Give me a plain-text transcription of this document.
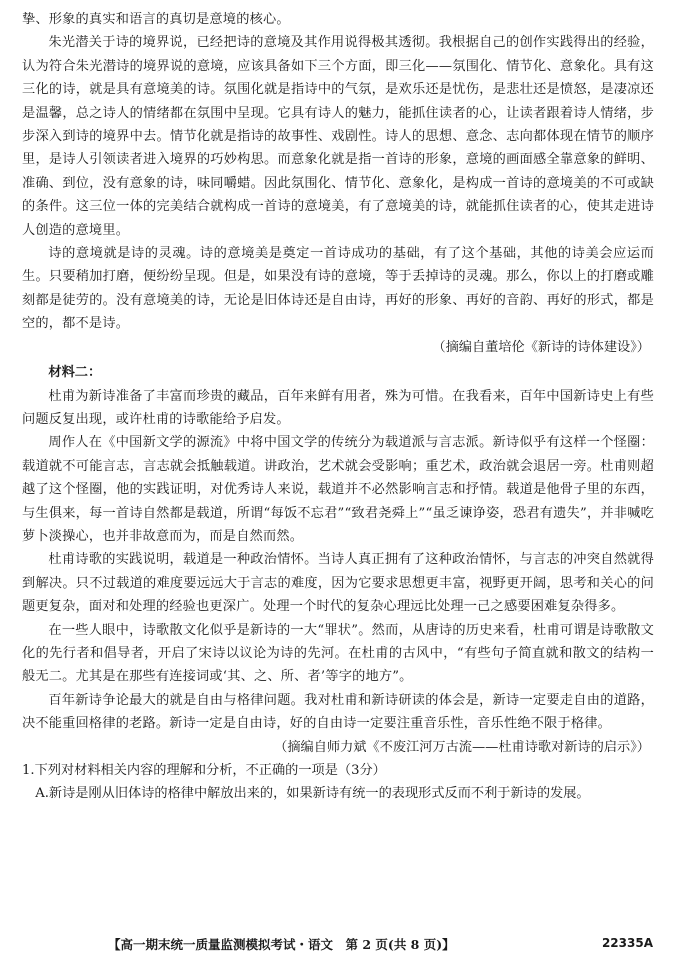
挚、形象的真实和语言的真切是意境的核心。

朱光潜关于诗的境界说，已经把诗的意境及其作用说得极其透彻。我根据自己的创作实践得出的经验，认为符合朱光潜诗的境界说的意境，应该具备如下三个方面，即三化——氛围化、情节化、意象化。具有这三化的诗，就是具有意境美的诗。氛围化就是指诗中的气氛，是欢乐还是忧伤，是悲壮还是愤怒，是凄凉还是温馨，总之诗人的情绪都在氛围中呈现。它具有诗人的魅力，能抓住读者的心，让读者跟着诗人情绪，步步深入到诗的境界中去。情节化就是指诗的故事性、戏剧性。诗人的思想、意念、志向都体现在情节的顺序里，是诗人引领读者进入境界的巧妙构思。而意象化就是指一首诗的形象，意境的画面感全靠意象的鲜明、准确、到位，没有意象的诗，味同嚼蜡。因此氛围化、情节化、意象化，是构成一首诗的意境美的不可或缺的条件。这三位一体的完美结合就构成一首诗的意境美，有了意境美的诗，就能抓住读者的心，使其走进诗人创造的意境里。

诗的意境就是诗的灵魂。诗的意境美是奠定一首诗成功的基础，有了这个基础，其他的诗美会应运而生。只要稍加打磨，便纷纷呈现。但是，如果没有诗的意境，等于丢掉诗的灵魂。那么，你以上的打磨或雕刻都是徒劳的。没有意境美的诗，无论是旧体诗还是自由诗，再好的形象、再好的音韵、再好的形式，都是空的，都不是诗。

（摘编自董培伦《新诗的诗体建设》）

材料二：

杜甫为新诗准备了丰富而珍贵的藏品，百年来鲜有用者，殊为可惜。在我看来，百年中国新诗史上有些问题反复出现，或许杜甫的诗歌能给予启发。

周作人在《中国新文学的源流》中将中国文学的传统分为载道派与言志派。新诗似乎有这样一个怪圈：载道就不可能言志，言志就会抵触载道。讲政治，艺术就会受影响；重艺术，政治就会退居一旁。杜甫则超越了这个怪圈，他的实践证明，对优秀诗人来说，载道并不必然影响言志和抒情。载道是他骨子里的东西，与生俱来，每一首诗自然都是载道，所谓“每饭不忘君”“致君尧舜上”“虽乏谏诤姿，恐君有遗失”，并非喊吃萝卜淡操心，也并非故意而为，而是自然而然。

杜甫诗歌的实践说明，载道是一种政治情怀。当诗人真正拥有了这种政治情怀，与言志的冲突自然就得到解决。只不过载道的难度要远远大于言志的难度，因为它要求思想更丰富，视野更开阔，思考和关心的问题更复杂，面对和处理的经验也更深广。处理一个时代的复杂心理远比处理一己之感要困难复杂得多。

在一些人眼中，诗歌散文化似乎是新诗的一大“罪状”。然而，从唐诗的历史来看，杜甫可谓是诗歌散文化的先行者和倡导者，开启了宋诗以议论为诗的先河。在杜甫的古风中，“有些句子简直就和散文的结构一般无二。尤其是在那些有连接词或‘其、之、所、者’等字的地方”。

百年新诗争论最大的就是自由与格律问题。我对杜甫和新诗研读的体会是，新诗一定要走自由的道路，决不能重回格律的老路。新诗一定是自由诗，好的自由诗一定要注重音乐性，音乐性绝不限于格律。

（摘编自师力斌《不废江河万古流——杜甫诗歌对新诗的启示》）

1.下列对材料相关内容的理解和分析，不正确的一项是（3分）

A.新诗是刚从旧体诗的格律中解放出来的，如果新诗有统一的表现形式反而不利于新诗的发展。

【高一期末统一质量监测模拟考试・语文　第 2 页(共 8 页)】	22335A
